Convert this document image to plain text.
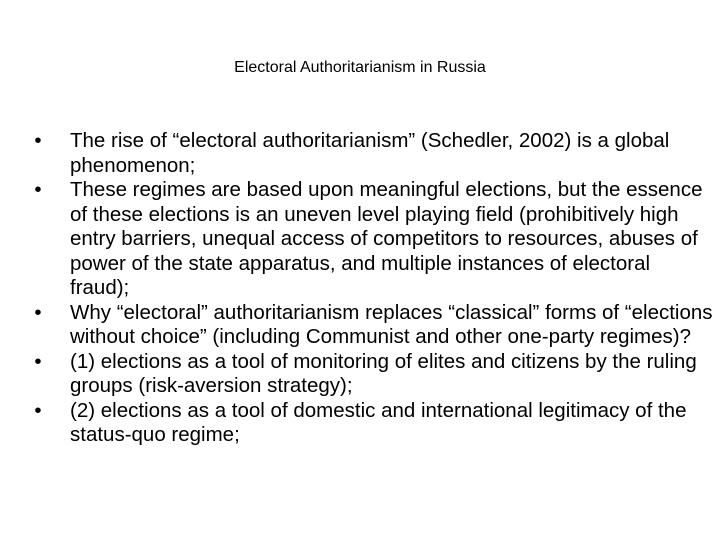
Electoral Authoritarianism in Russia
•	The rise of “electoral authoritarianism” (Schedler, 2002) is a global phenomenon;
•	These regimes are based upon meaningful elections, but the essence of these elections is an uneven level playing field (prohibitively high entry barriers, unequal access of competitors to resources, abuses of power of the state apparatus, and multiple instances of electoral fraud);
•	Why “electoral” authoritarianism replaces “classical” forms of “elections without choice” (including Communist and other one-party regimes)?
•	(1) elections as a tool of monitoring of elites and citizens by the ruling groups (risk-aversion strategy);
•	(2) elections as a tool of domestic and international legitimacy of the status-quo regime;
